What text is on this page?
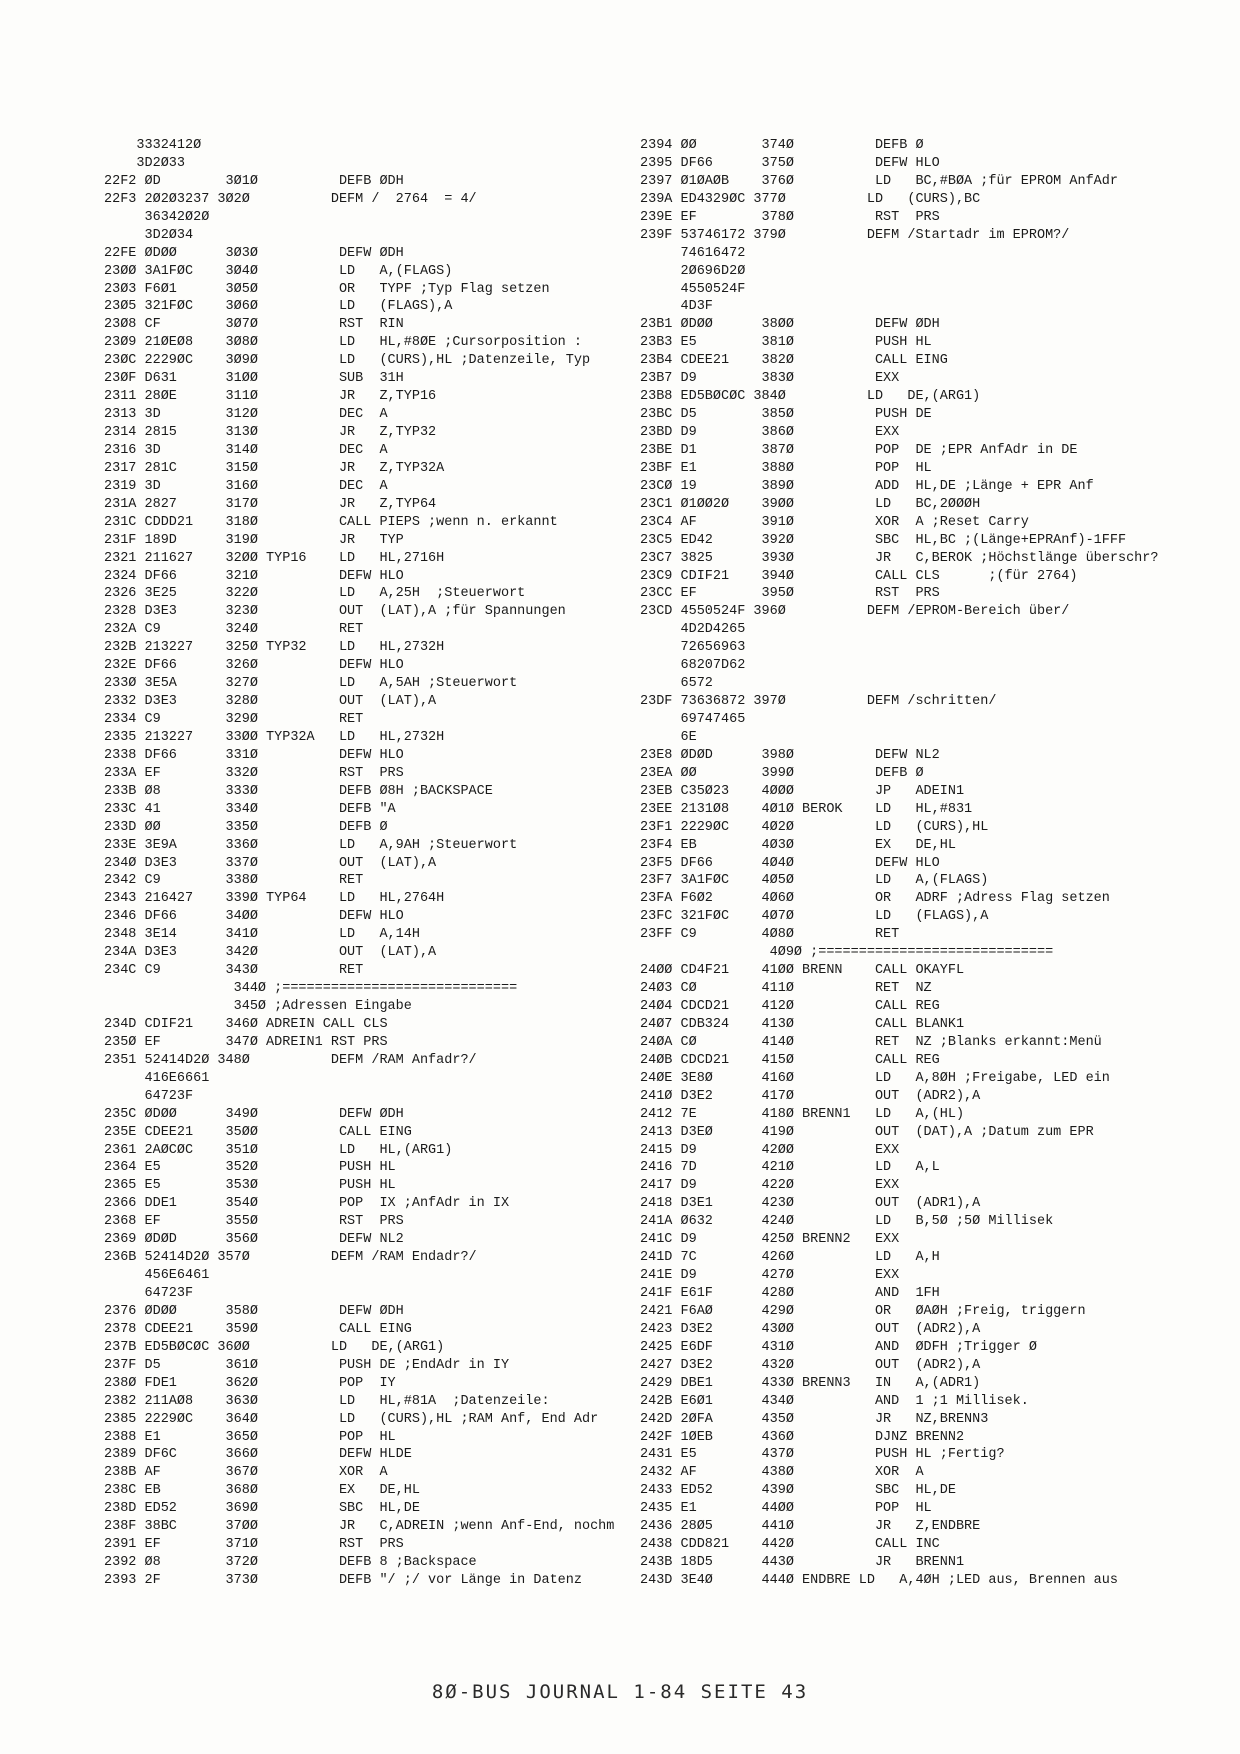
3332412Ø
3D2Ø33
22F2 ØD        3Ø1Ø          DEFB ØDH
22F3 2Ø2Ø3237 3Ø2Ø          DEFM /  2764  = 4/
36342Ø2Ø
3D2Ø34
22FE ØDØØ      3Ø3Ø          DEFW ØDH
23ØØ 3A1FØC    3Ø4Ø          LD   A,(FLAGS)
23Ø3 F6Ø1      3Ø5Ø          OR   TYPF ;Typ Flag setzen
23Ø5 321FØC    3Ø6Ø          LD   (FLAGS),A
23Ø8 CF        3Ø7Ø          RST  RIN
23Ø9 21ØEØ8    3Ø8Ø          LD   HL,#8ØE ;Cursorposition :
23ØC 2229ØC    3Ø9Ø          LD   (CURS),HL ;Datenzeile, Typ
23ØF D631      31ØØ          SUB  31H
2311 28ØE      311Ø          JR   Z,TYP16
2313 3D        312Ø          DEC  A
2314 2815      313Ø          JR   Z,TYP32
2316 3D        314Ø          DEC  A
2317 281C      315Ø          JR   Z,TYP32A
2319 3D        316Ø          DEC  A
231A 2827      317Ø          JR   Z,TYP64
231C CDDD21    318Ø          CALL PIEPS ;wenn n. erkannt
231F 189D      319Ø          JR   TYP
2321 211627    32ØØ TYP16    LD   HL,2716H
2324 DF66      321Ø          DEFW HLO
2326 3E25      322Ø          LD   A,25H  ;Steuerwort
2328 D3E3      323Ø          OUT  (LAT),A ;für Spannungen
232A C9        324Ø          RET
232B 213227    325Ø TYP32    LD   HL,2732H
232E DF66      326Ø          DEFW HLO
233Ø 3E5A      327Ø          LD   A,5AH ;Steuerwort
2332 D3E3      328Ø          OUT  (LAT),A
2334 C9        329Ø          RET
2335 213227    33ØØ TYP32A   LD   HL,2732H
2338 DF66      331Ø          DEFW HLO
233A EF        332Ø          RST  PRS
233B Ø8        333Ø          DEFB Ø8H ;BACKSPACE
233C 41        334Ø          DEFB "A
233D ØØ        335Ø          DEFB Ø
233E 3E9A      336Ø          LD   A,9AH ;Steuerwort
234Ø D3E3      337Ø          OUT  (LAT),A
2342 C9        338Ø          RET
2343 216427    339Ø TYP64    LD   HL,2764H
2346 DF66      34ØØ          DEFW HLO
2348 3E14      341Ø          LD   A,14H
234A D3E3      342Ø          OUT  (LAT),A
234C C9        343Ø          RET
344Ø ;=============================
345Ø ;Adressen Eingabe
234D CDIF21    346Ø ADREIN CALL CLS
235Ø EF        347Ø ADREIN1 RST PRS
2351 52414D2Ø 348Ø          DEFM /RAM Anfadr?/
416E6661
64723F
235C ØDØØ      349Ø          DEFW ØDH
235E CDEE21    35ØØ          CALL EING
2361 2AØCØC    351Ø          LD   HL,(ARG1)
2364 E5        352Ø          PUSH HL
2365 E5        353Ø          PUSH HL
2366 DDE1      354Ø          POP  IX ;AnfAdr in IX
2368 EF        355Ø          RST  PRS
2369 ØDØD      356Ø          DEFW NL2
236B 52414D2Ø 357Ø          DEFM /RAM Endadr?/
456E6461
64723F
2376 ØDØØ      358Ø          DEFW ØDH
2378 CDEE21    359Ø          CALL EING
237B ED5BØCØC 36ØØ          LD   DE,(ARG1)
237F D5        361Ø          PUSH DE ;EndAdr in IY
238Ø FDE1      362Ø          POP  IY
2382 211AØ8    363Ø          LD   HL,#81A  ;Datenzeile:
2385 2229ØC    364Ø          LD   (CURS),HL ;RAM Anf, End Adr
2388 E1        365Ø          POP  HL
2389 DF6C      366Ø          DEFW HLDE
238B AF        367Ø          XOR  A
238C EB        368Ø          EX   DE,HL
238D ED52      369Ø          SBC  HL,DE
238F 38BC      37ØØ          JR   C,ADREIN ;wenn Anf-End, nochm
2391 EF        371Ø          RST  PRS
2392 Ø8        372Ø          DEFB 8 ;Backspace
2393 2F        373Ø          DEFB "/ ;/ vor Länge in Datenz
2394 ØØ        374Ø          DEFB Ø
2395 DF66      375Ø          DEFW HLO
2397 Ø1ØAØB    376Ø          LD   BC,#BØA ;für EPROM AnfAdr
239A ED4329ØC 377Ø          LD   (CURS),BC
239E EF        378Ø          RST  PRS
239F 53746172 379Ø          DEFM /Startadr im EPROM?/
74616472
2Ø696D2Ø
4550524F
4D3F
23B1 ØDØØ      38ØØ          DEFW ØDH
23B3 E5        381Ø          PUSH HL
23B4 CDEE21    382Ø          CALL EING
23B7 D9        383Ø          EXX
23B8 ED5BØCØC 384Ø          LD   DE,(ARG1)
23BC D5        385Ø          PUSH DE
23BD D9        386Ø          EXX
23BE D1        387Ø          POP  DE ;EPR AnfAdr in DE
23BF E1        388Ø          POP  HL
23CØ 19        389Ø          ADD  HL,DE ;Länge + EPR Anf
23C1 Ø1ØØ2Ø    39ØØ          LD   BC,2ØØØH
23C4 AF        391Ø          XOR  A ;Reset Carry
23C5 ED42      392Ø          SBC  HL,BC ;(Länge+EPRAnf)-1FFF
23C7 3825      393Ø          JR   C,BEROK ;Höchstlänge überschr?
23C9 CDIF21    394Ø          CALL CLS      ;(für 2764)
23CC EF        395Ø          RST  PRS
23CD 4550524F 396Ø          DEFM /EPROM-Bereich über/
4D2D4265
72656963
68207D62
6572
23DF 73636872 397Ø          DEFM /schritten/
69747465
6E
23E8 ØDØD      398Ø          DEFW NL2
23EA ØØ        399Ø          DEFB Ø
23EB C35Ø23    4ØØØ          JP   ADEIN1
23EE 2131Ø8    4Ø1Ø BEROK    LD   HL,#831
23F1 2229ØC    4Ø2Ø          LD   (CURS),HL
23F4 EB        4Ø3Ø          EX   DE,HL
23F5 DF66      4Ø4Ø          DEFW HLO
23F7 3A1FØC    4Ø5Ø          LD   A,(FLAGS)
23FA F6Ø2      4Ø6Ø          OR   ADRF ;Adress Flag setzen
23FC 321FØC    4Ø7Ø          LD   (FLAGS),A
23FF C9        4Ø8Ø          RET
4Ø9Ø ;=============================
24ØØ CD4F21    41ØØ BRENN    CALL OKAYFL
24Ø3 CØ        411Ø          RET  NZ
24Ø4 CDCD21    412Ø          CALL REG
24Ø7 CDB324    413Ø          CALL BLANK1
24ØA CØ        414Ø          RET  NZ ;Blanks erkannt:Menü
24ØB CDCD21    415Ø          CALL REG
24ØE 3E8Ø      416Ø          LD   A,8ØH ;Freigabe, LED ein
241Ø D3E2      417Ø          OUT  (ADR2),A
2412 7E        418Ø BRENN1   LD   A,(HL)
2413 D3EØ      419Ø          OUT  (DAT),A ;Datum zum EPR
2415 D9        42ØØ          EXX
2416 7D        421Ø          LD   A,L
2417 D9        422Ø          EXX
2418 D3E1      423Ø          OUT  (ADR1),A
241A Ø632      424Ø          LD   B,5Ø ;5Ø Millisek
241C D9        425Ø BRENN2   EXX
241D 7C        426Ø          LD   A,H
241E D9        427Ø          EXX
241F E61F      428Ø          AND  1FH
2421 F6AØ      429Ø          OR   ØAØH ;Freig, triggern
2423 D3E2      43ØØ          OUT  (ADR2),A
2425 E6DF      431Ø          AND  ØDFH ;Trigger Ø
2427 D3E2      432Ø          OUT  (ADR2),A
2429 DBE1      433Ø BRENN3   IN   A,(ADR1)
242B E6Ø1      434Ø          AND  1 ;1 Millisek.
242D 2ØFA      435Ø          JR   NZ,BRENN3
242F 1ØEB      436Ø          DJNZ BRENN2
2431 E5        437Ø          PUSH HL ;Fertig?
2432 AF        438Ø          XOR  A
2433 ED52      439Ø          SBC  HL,DE
2435 E1        44ØØ          POP  HL
2436 28Ø5      441Ø          JR   Z,ENDBRE
2438 CDD821    442Ø          CALL INC
243B 18D5      443Ø          JR   BRENN1
243D 3E4Ø      444Ø ENDBRE LD   A,4ØH ;LED aus, Brennen aus
8Ø-BUS JOURNAL 1-84 SEITE 43
